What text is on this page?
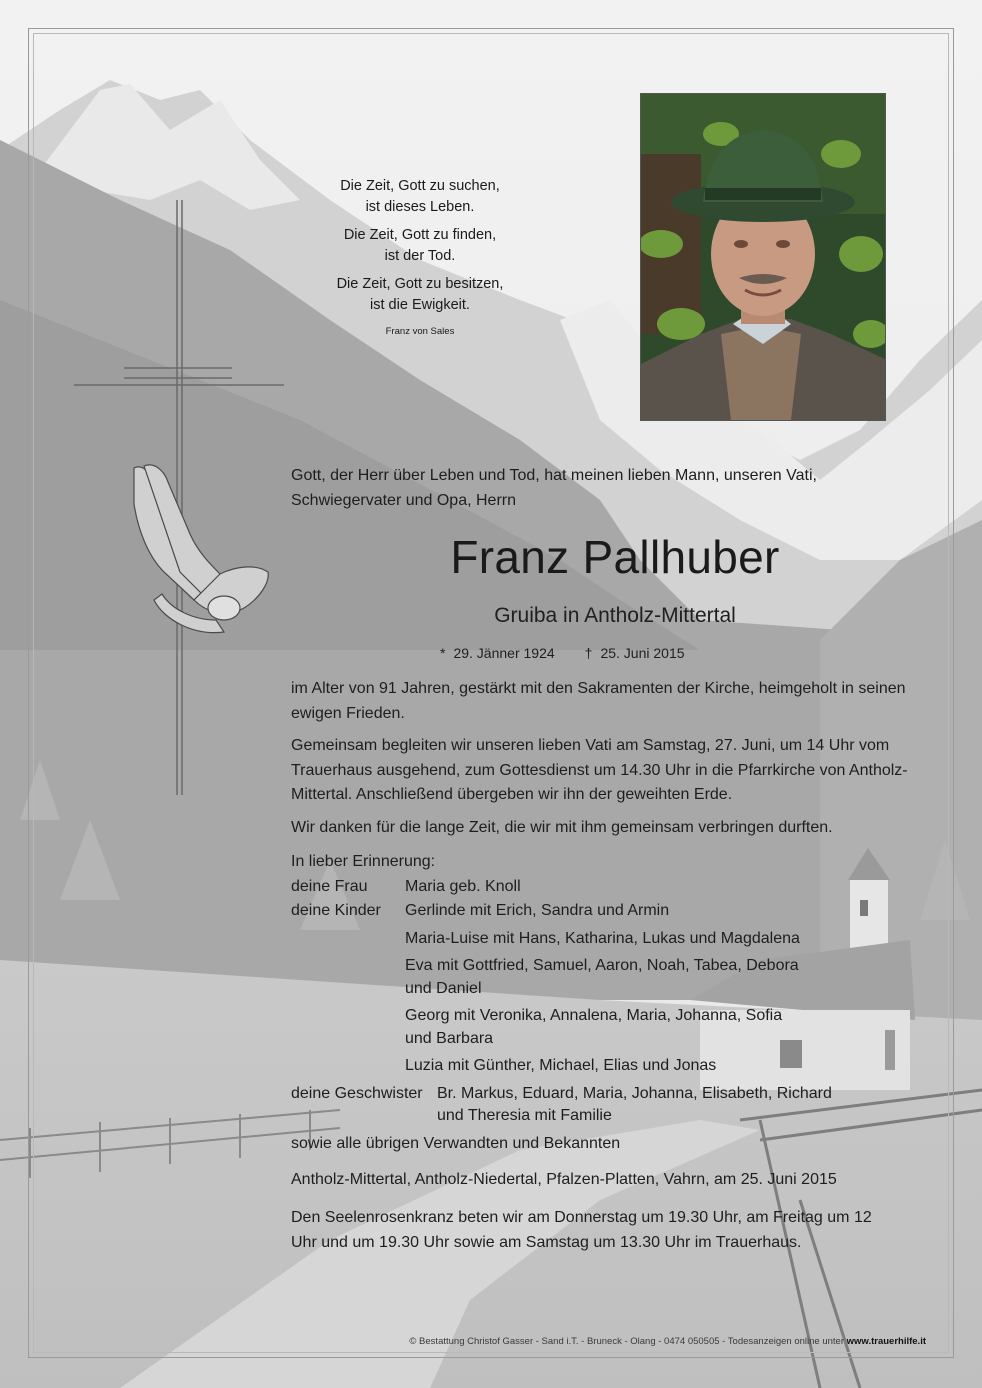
Die Zeit, Gott zu suchen,
ist dieses Leben.

Die Zeit, Gott zu finden,
ist der Tod.

Die Zeit, Gott zu besitzen,
ist die Ewigkeit.

Franz von Sales
Gott, der Herr über Leben und Tod, hat meinen lieben Mann, unseren Vati, Schwiegervater und Opa, Herrn
Franz Pallhuber
Gruiba in Antholz-Mittertal
* 29. Jänner 1924 † 25. Juni 2015
im Alter von 91 Jahren, gestärkt mit den Sakramenten der Kirche, heimgeholt in seinen ewigen Frieden.
Gemeinsam begleiten wir unseren lieben Vati am Samstag, 27. Juni, um 14 Uhr vom Trauerhaus ausgehend, zum Gottesdienst um 14.30 Uhr in die Pfarrkirche von Antholz-Mittertal. Anschließend übergeben wir ihn der geweihten Erde.
Wir danken für die lange Zeit, die wir mit ihm gemeinsam verbringen durften.

In lieber Erinnerung:

deine Frau	Maria geb. Knoll
deine Kinder	Gerlinde mit Erich, Sandra und Armin
Maria-Luise mit Hans, Katharina, Lukas und Magdalena
Eva mit Gottfried, Samuel, Aaron, Noah, Tabea, Debora
und Daniel
Georg mit Veronika, Annalena, Maria, Johanna, Sofia
und Barbara
Luzia mit Günther, Michael, Elias und Jonas
deine Geschwister Br. Markus, Eduard, Maria, Johanna, Elisabeth, Richard
und Theresia mit Familie

sowie alle übrigen Verwandten und Bekannten

Antholz-Mittertal, Antholz-Niedertal, Pfalzen-Platten, Vahrn, am 25. Juni 2015
Den Seelenrosenkranz beten wir am Donnerstag um 19.30 Uhr, am Freitag um 12 Uhr und um 19.30 Uhr sowie am Samstag um 13.30 Uhr im Trauerhaus.
© Bestattung Christof Gasser - Sand i.T. - Bruneck - Olang - 0474 050505 - Todesanzeigen online unter www.trauerhilfe.it
